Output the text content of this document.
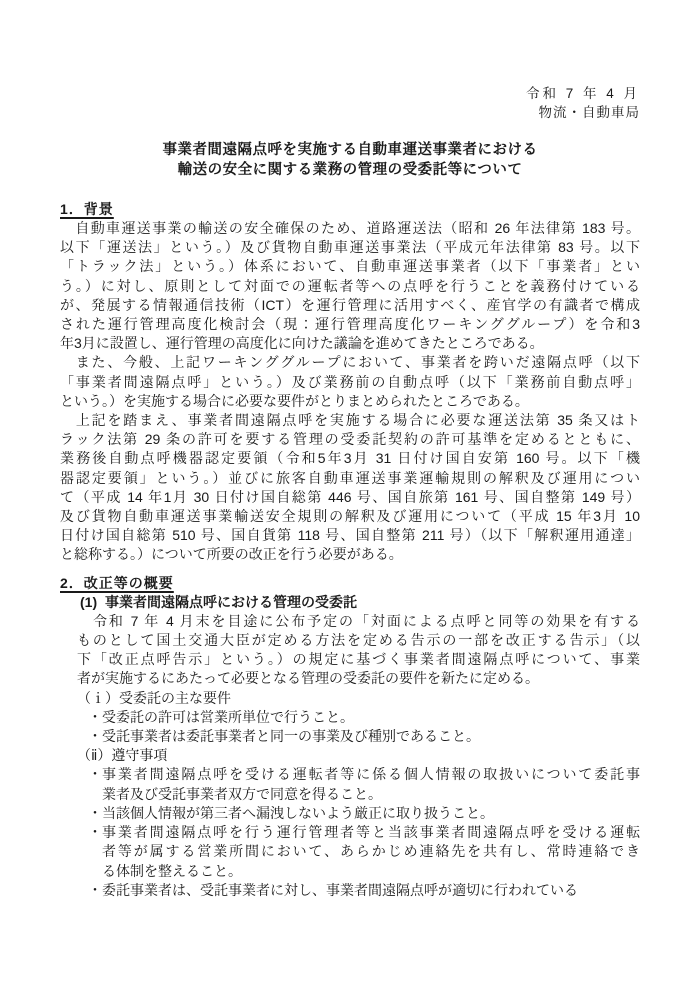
令和 7 年 4 月
物流・自動車局
事業者間遠隔点呼を実施する自動車運送事業者における
輸送の安全に関する業務の管理の受委託等について
1．背景
　自動車運送事業の輸送の安全確保のため、道路運送法（昭和 26 年法律第 183 号。
以下「運送法」という。）及び貨物自動車運送事業法（平成元年法律第 83 号。以下
「トラック法」という。）体系において、自動車運送事業者（以下「事業者」とい
う。）に対し、原則として対面での運転者等への点呼を行うことを義務付けている
が、発展する情報通信技術（ICT）を運行管理に活用すべく、産官学の有識者で構成
された運行管理高度化検討会（現：運行管理高度化ワーキンググループ）を令和3
年3月に設置し、運行管理の高度化に向けた議論を進めてきたところである。
　また、今般、上記ワーキンググループにおいて、事業者を跨いだ遠隔点呼（以下
「事業者間遠隔点呼」という。）及び業務前の自動点呼（以下「業務前自動点呼」
という。）を実施する場合に必要な要件がとりまとめられたところである。
　上記を踏まえ、事業者間遠隔点呼を実施する場合に必要な運送法第 35 条又はト
ラック法第 29 条の許可を要する管理の受委託契約の許可基準を定めるとともに、
業務後自動点呼機器認定要領（令和5年3月 31 日付け国自安第 160 号。以下「機
器認定要領」という。）並びに旅客自動車運送事業運輸規則の解釈及び運用につい
て（平成 14 年1月 30 日付け国自総第 446 号、国自旅第 161 号、国自整第 149 号）
及び貨物自動車運送事業輸送安全規則の解釈及び運用について（平成 15 年3月 10
日付け国自総第 510 号、国自貨第 118 号、国自整第 211 号）（以下「解釈運用通達」
と総称する。）について所要の改正を行う必要がある。
2．改正等の概要
(1) 事業者間遠隔点呼における管理の受委託
　令和 7 年 4 月末を目途に公布予定の「対面による点呼と同等の効果を有する
ものとして国土交通大臣が定める方法を定める告示の一部を改正する告示」（以
下「改正点呼告示」という。）の規定に基づく事業者間遠隔点呼について、事業
者が実施するにあたって必要となる管理の受委託の要件を新たに定める。
（ｉ）受委託の主な要件
・ 受委託の許可は営業所単位で行うこと。
・ 受託事業者は委託事業者と同一の事業及び種別であること。
（ⅱ）遵守事項
・ 事業者間遠隔点呼を受ける運転者等に係る個人情報の取扱いについて委託事
業者及び受託事業者双方で同意を得ること。
・ 当該個人情報が第三者へ漏洩しないよう厳正に取り扱うこと。
・ 事業者間遠隔点呼を行う運行管理者等と当該事業者間遠隔点呼を受ける運転
者等が属する営業所間において、あらかじめ連絡先を共有し、常時連絡でき
る体制を整えること。
・ 委託事業者は、受託事業者に対し、事業者間遠隔点呼が適切に行われている
